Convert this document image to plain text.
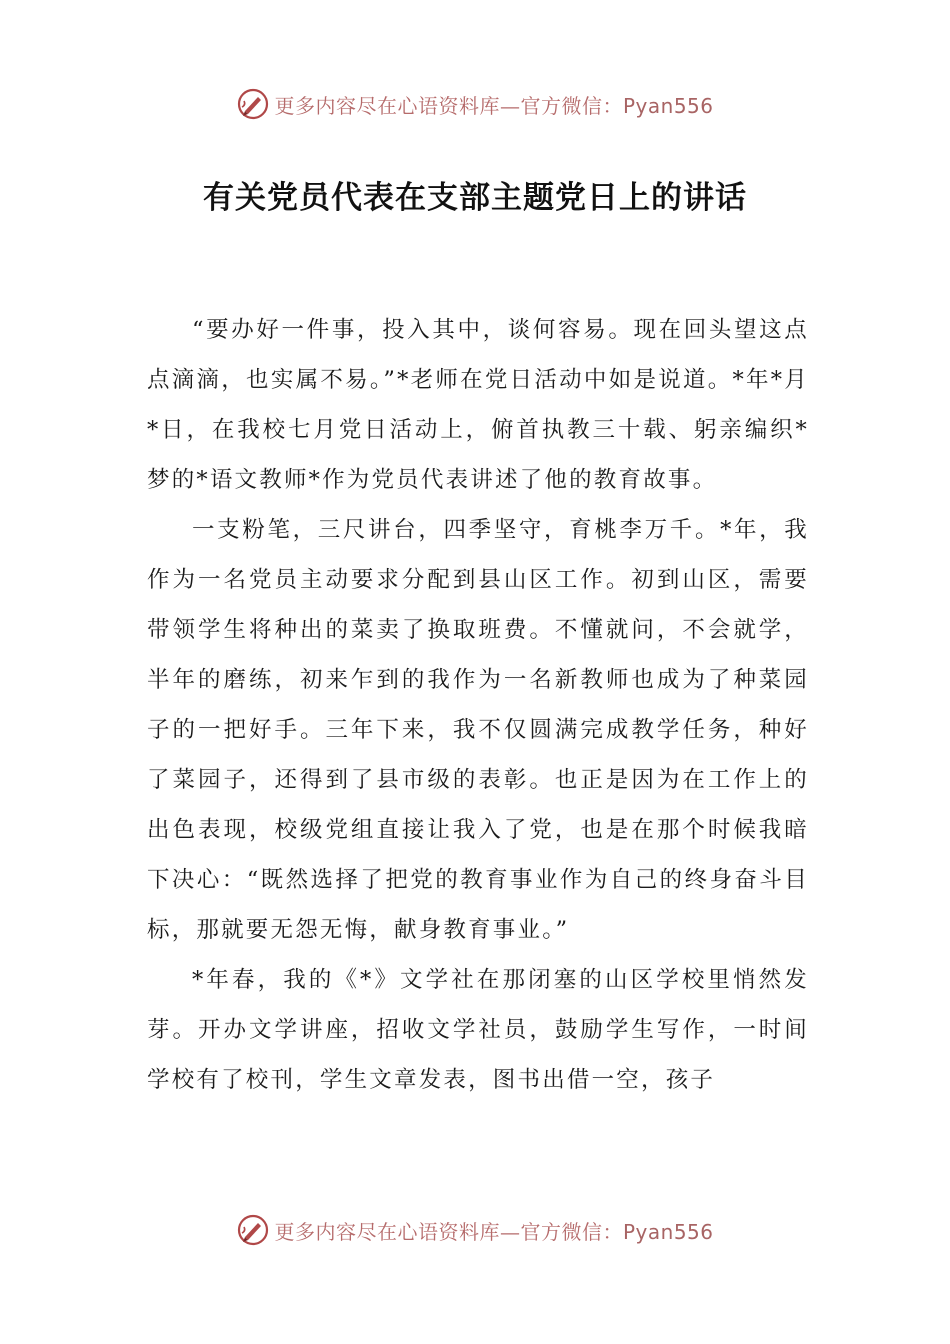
更多内容尽在心语资料库—官方微信：Pyan556
有关党员代表在支部主题党日上的讲话

“要办好一件事，投入其中，谈何容易。现在回头望这点点滴滴，也实属不易。”*老师在党日活动中如是说道。*年*月*日，在我校七月党日活动上，俯首执教三十载、躬亲编织*梦的*语文教师*作为党员代表讲述了他的教育故事。

一支粉笔，三尺讲台，四季坚守，育桃李万千。*年，我作为一名党员主动要求分配到县山区工作。初到山区，需要带领学生将种出的菜卖了换取班费。不懂就问，不会就学，半年的磨练，初来乍到的我作为一名新教师也成为了种菜园子的一把好手。三年下来，我不仅圆满完成教学任务，种好了菜园子，还得到了县市级的表彰。也正是因为在工作上的出色表现，校级党组直接让我入了党，也是在那个时候我暗下决心：“既然选择了把党的教育事业作为自己的终身奋斗目标，那就要无怨无悔，献身教育事业。”

*年春，我的《*》文学社在那闭塞的山区学校里悄然发芽。开办文学讲座，招收文学社员，鼓励学生写作，一时间学校有了校刊，学生文章发表，图书出借一空，孩子

更多内容尽在心语资料库—官方微信：Pyan556
